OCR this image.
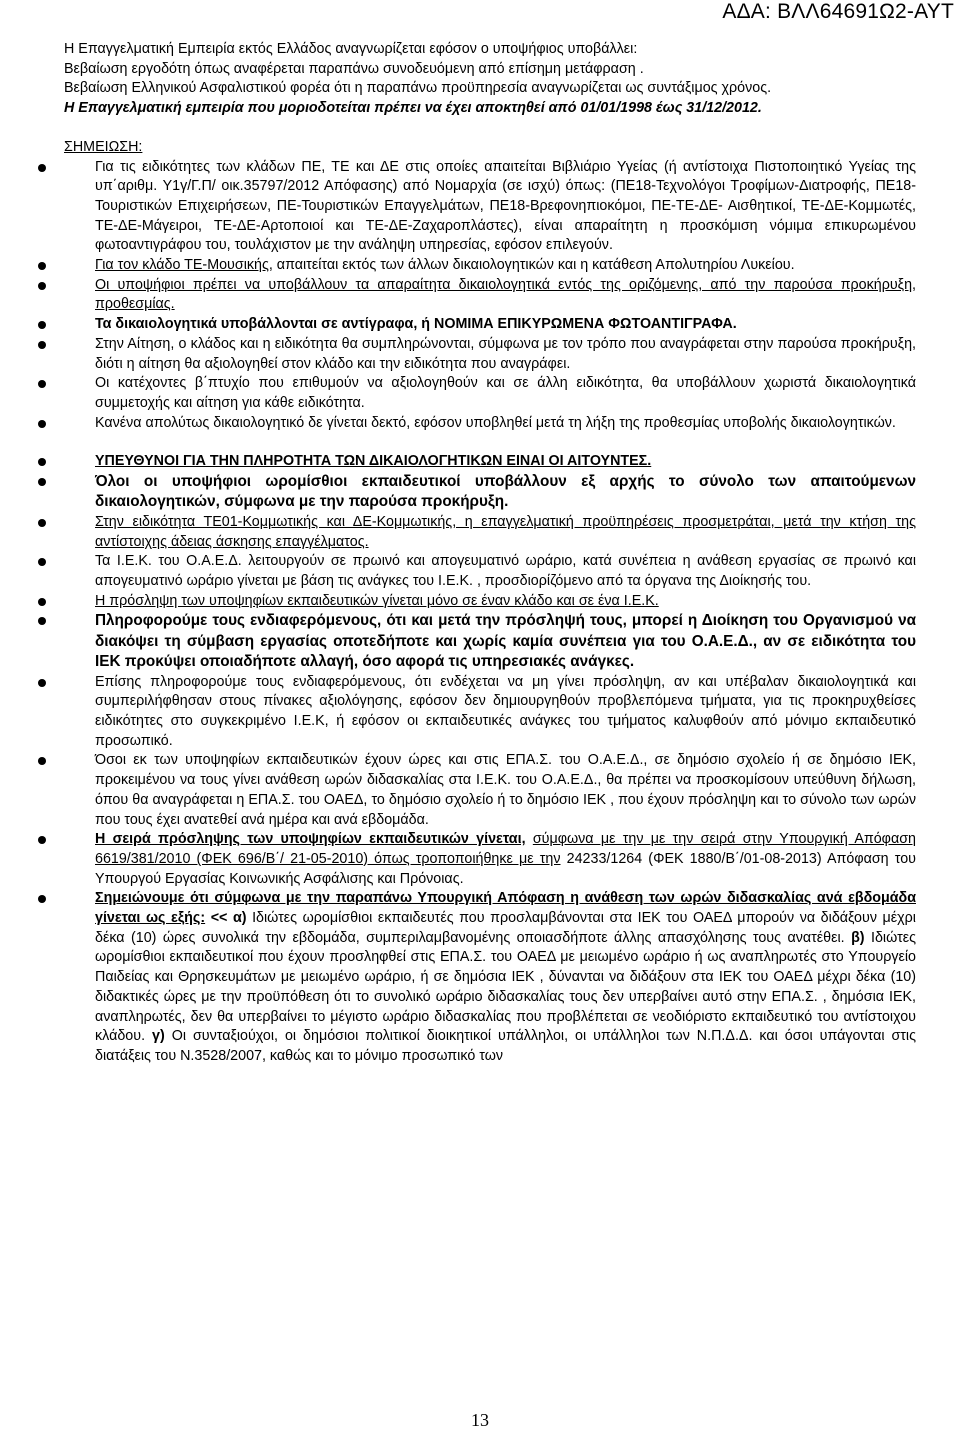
ΑΔΑ: ΒΛΛ64691Ω2-ΑΥΤ

Η Επαγγελματική Εμπειρία εκτός Ελλάδος αναγνωρίζεται εφόσον ο υποψήφιος υποβάλλει:

Βεβαίωση εργοδότη όπως αναφέρεται παραπάνω συνοδευόμενη από επίσημη μετάφραση .

Βεβαίωση Ελληνικού Ασφαλιστικού φορέα ότι η παραπάνω προϋπηρεσία αναγνωρίζεται ως συντάξιμος χρόνος.

Η Επαγγελματική εμπειρία που μοριοδοτείται πρέπει να έχει αποκτηθεί από 01/01/1998 έως 31/12/2012.

ΣΗΜΕΙΩΣΗ:

Για τις ειδικότητες των κλάδων ΠΕ, ΤΕ και ΔΕ στις οποίες απαιτείται Βιβλιάριο Υγείας (ή αντίστοιχα Πιστοποιητικό Υγείας της υπ΄αριθμ. Υ1γ/Γ.Π/ οικ.35797/2012 Απόφασης) από Νομαρχία (σε ισχύ) όπως: (ΠΕ18-Τεχνολόγοι Τροφίμων-Διατροφής, ΠΕ18-Τουριστικών Επιχειρήσεων, ΠΕ-Τουριστικών Επαγγελμάτων, ΠΕ18-Βρεφονηπιοκόμοι, ΠΕ-ΤΕ-ΔΕ- Αισθητικοί, ΤΕ-ΔΕ-Κομμωτές, ΤΕ-ΔΕ-Μάγειροι, ΤΕ-ΔΕ-Αρτοποιοί και ΤΕ-ΔΕ-Ζαχαροπλάστες), είναι απαραίτητη η προσκόμιση νόμιμα επικυρωμένου φωτοαντιγράφου του, τουλάχιστον με την ανάληψη υπηρεσίας, εφόσον επιλεγούν.

Για τον κλάδο ΤΕ-Μουσικής, απαιτείται εκτός των άλλων δικαιολογητικών και η κατάθεση Απολυτηρίου Λυκείου.

Οι υποψήφιοι πρέπει να υποβάλλουν τα απαραίτητα δικαιολογητικά εντός της οριζόμενης, από την παρούσα προκήρυξη, προθεσμίας.

Τα δικαιολογητικά υποβάλλονται σε αντίγραφα, ή ΝΟΜΙΜΑ ΕΠΙΚΥΡΩΜΕΝΑ ΦΩΤΟΑΝΤΙΓΡΑΦΑ.

Στην Αίτηση, ο κλάδος και η ειδικότητα θα συμπληρώνονται, σύμφωνα με τον τρόπο που αναγράφεται στην παρούσα προκήρυξη, διότι η αίτηση θα αξιολογηθεί στον κλάδο και την ειδικότητα που αναγράφει.

Οι κατέχοντες β΄πτυχίο που επιθυμούν να αξιολογηθούν και σε άλλη ειδικότητα, θα υποβάλλουν χωριστά δικαιολογητικά συμμετοχής και αίτηση για κάθε ειδικότητα.

Κανένα απολύτως δικαιολογητικό δε γίνεται δεκτό, εφόσον υποβληθεί μετά τη λήξη της προθεσμίας υποβολής δικαιολογητικών.

ΥΠΕΥΘΥΝΟΙ ΓΙΑ ΤΗΝ ΠΛΗΡΟΤΗΤΑ ΤΩΝ ΔΙΚΑΙΟΛΟΓΗΤΙΚΩΝ ΕΙΝΑΙ ΟΙ ΑΙΤΟΥΝΤΕΣ.

Όλοι οι υποψήφιοι ωρομίσθιοι εκπαιδευτικοί υποβάλλουν εξ αρχής το σύνολο των απαιτούμενων δικαιολογητικών, σύμφωνα με την παρούσα προκήρυξη.

Στην ειδικότητα ΤΕ01-Κομμωτικής και ΔΕ-Κομμωτικής, η επαγγελματική προϋπηρέσεις προσμετράται, μετά την κτήση της αντίστοιχης άδειας άσκησης επαγγέλματος.

Τα Ι.Ε.Κ. του Ο.Α.Ε.Δ. λειτουργούν σε πρωινό και απογευματινό ωράριο, κατά συνέπεια η ανάθεση εργασίας σε πρωινό και απογευματινό ωράριο γίνεται με βάση τις ανάγκες του Ι.Ε.Κ. , προσδιορίζόμενο από τα όργανα της Διοίκησής του.

Η πρόσληψη των υποψηφίων εκπαιδευτικών γίνεται μόνο σε έναν κλάδο και σε ένα Ι.Ε.Κ.

Πληροφορούμε τους ενδιαφερόμενους, ότι και μετά την πρόσληψή τους, μπορεί η Διοίκηση του Οργανισμού να διακόψει τη σύμβαση εργασίας οποτεδήποτε και χωρίς καμία συνέπεια για του Ο.Α.Ε.Δ., αν σε ειδικότητα του ΙΕΚ προκύψει οποιαδήποτε αλλαγή, όσο αφορά τις υπηρεσιακές ανάγκες.

Επίσης πληροφορούμε τους ενδιαφερόμενους, ότι ενδέχεται να μη γίνει πρόσληψη, αν και υπέβαλαν δικαιολογητικά και συμπεριλήφθησαν στους πίνακες αξιολόγησης, εφόσον δεν δημιουργηθούν προβλεπόμενα τμήματα, για τις προκηρυχθείσες ειδικότητες στο συγκεκριμένο Ι.Ε.Κ, ή εφόσον οι εκπαιδευτικές ανάγκες του τμήματος καλυφθούν από μόνιμο εκπαιδευτικό προσωπικό.

Όσοι εκ των υποψηφίων εκπαιδευτικών έχουν ώρες και στις ΕΠΑ.Σ. του Ο.Α.Ε.Δ., σε δημόσιο σχολείο ή σε δημόσιο ΙΕΚ, προκειμένου να τους γίνει ανάθεση ωρών διδασκαλίας στα Ι.Ε.Κ. του Ο.Α.Ε.Δ., θα πρέπει να προσκομίσουν υπεύθυνη δήλωση, όπου θα αναγράφεται η ΕΠΑ.Σ. του ΟΑΕΔ, το δημόσιο σχολείο ή το δημόσιο ΙΕΚ , που έχουν πρόσληψη και το σύνολο των ωρών που τους έχει ανατεθεί ανά ημέρα και ανά εβδομάδα.

Η σειρά πρόσληψης των υποψηφίων εκπαιδευτικών γίνεται, σύμφωνα με την με την σειρά στην Υπουργική Απόφαση 6619/381/2010 (ΦΕΚ 696/Β΄/ 21-05-2010) όπως τροποποιήθηκε με την 24233/1264 (ΦΕΚ 1880/Β΄/01-08-2013) Απόφαση του Υπουργού Εργασίας Κοινωνικής Ασφάλισης και Πρόνοιας.

Σημειώνουμε ότι σύμφωνα με την παραπάνω Υπουργική Απόφαση η ανάθεση των ωρών διδασκαλίας ανά εβδομάδα γίνεται ως εξής: << α) Ιδιώτες ωρομίσθιοι εκπαιδευτές που προσλαμβάνονται στα ΙΕΚ του ΟΑΕΔ μπορούν να διδάξουν μέχρι δέκα (10) ώρες συνολικά την εβδομάδα, συμπεριλαμβανομένης οποιασδήποτε άλλης απασχόλησης τους ανατέθει. β) Ιδιώτες ωρομίσθιοι εκπαιδευτικοί που έχουν προσληφθεί στις ΕΠΑ.Σ. του ΟΑΕΔ με μειωμένο ωράριο ή ως αναπληρωτές στο Υπουργείο Παιδείας και Θρησκευμάτων με μειωμένο ωράριο, ή σε δημόσια ΙΕΚ , δύνανται να διδάξουν στα ΙΕΚ του ΟΑΕΔ μέχρι δέκα (10) διδακτικές ώρες με την προϋπόθεση ότι το συνολικό ωράριο διδασκαλίας τους δεν υπερβαίνει αυτό στην ΕΠΑ.Σ. , δημόσια ΙΕΚ, αναπληρωτές, δεν θα υπερβαίνει το μέγιστο ωράριο διδασκαλίας που προβλέπεται σε νεοδιόριστο εκπαιδευτικό του αντίστοιχου κλάδου. γ) Οι συνταξιούχοι, οι δημόσιοι πολιτικοί διοικητικοί υπάλληλοι, οι υπάλληλοι των Ν.Π.Δ.Δ. και όσοι υπάγονται στις διατάξεις του Ν.3528/2007, καθώς και το μόνιμο προσωπικό των

13
